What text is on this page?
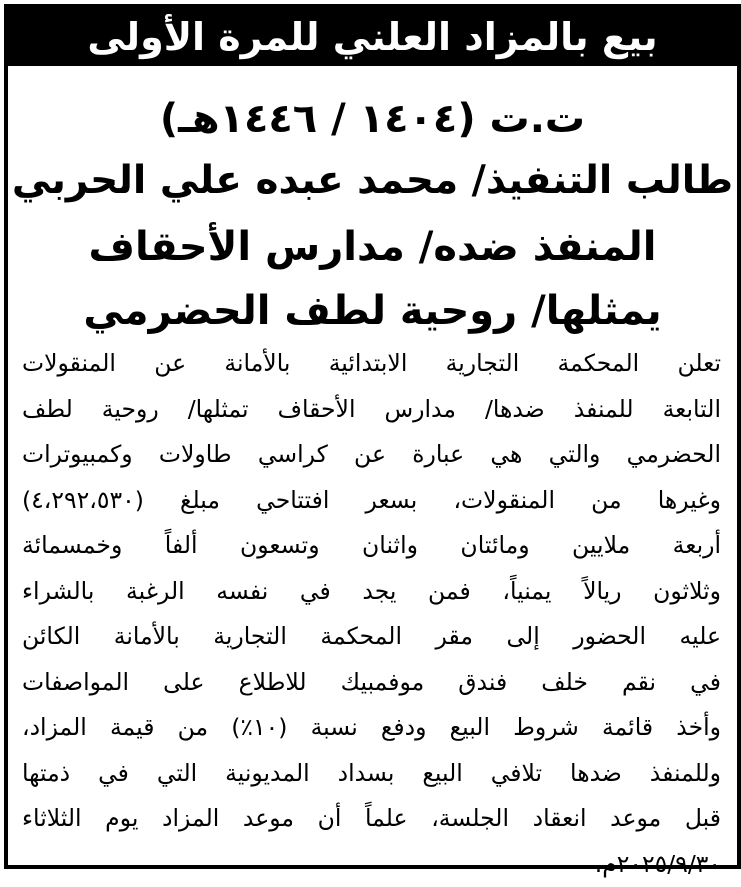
بيع بالمزاد العلني للمرة الأولى
ت.ت (١٤٠٤ / ١٤٤٦هـ)
طالب التنفيذ/ محمد عبده علي الحربي
المنفذ ضده/ مدارس الأحقاف
يمثلها/ روحية لطف الحضرمي
تعلن المحكمة التجارية الابتدائية بالأمانة عن المنقولات
التابعة للمنفذ ضدها/ مدارس الأحقاف تمثلها/ روحية لطف
الحضرمي والتي هي عبارة عن كراسي طاولات وكمبيوترات
وغيرها من المنقولات، بسعر افتتاحي مبلغ (٤،٢٩٢،٥٣٠)
أربعة ملايين ومائتان واثنان وتسعون ألفاً وخمسمائة
وثلاثون ريالاً يمنياً، فمن يجد في نفسه الرغبة بالشراء
عليه الحضور إلى مقر المحكمة التجارية بالأمانة الكائن
في نقم خلف فندق موفمبيك للاطلاع على المواصفات
وأخذ قائمة شروط البيع ودفع نسبة (١٠٪) من قيمة المزاد،
وللمنفذ ضدها تلافي البيع بسداد المديونية التي في ذمتها
قبل موعد انعقاد الجلسة، علماً أن موعد المزاد يوم الثلاثاء
٢٠٢٥/٩/٣٠م.
